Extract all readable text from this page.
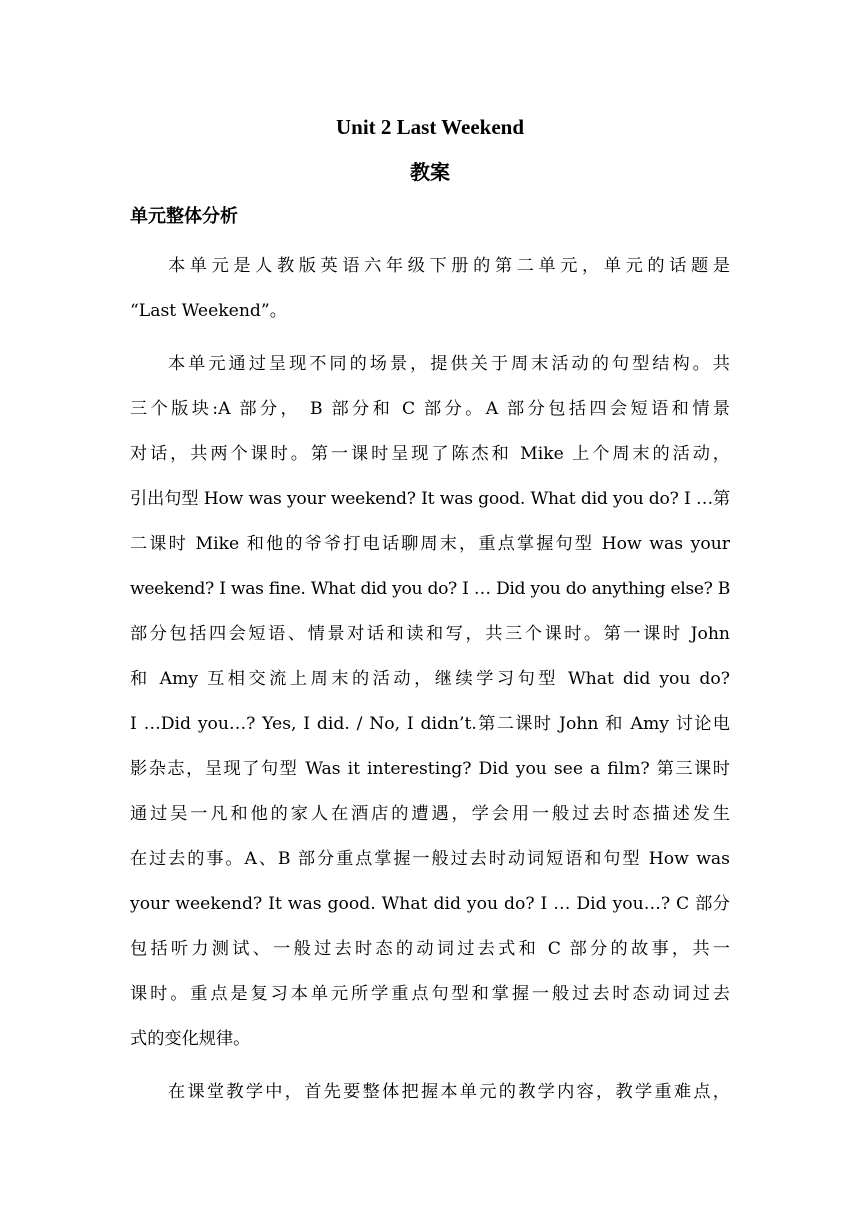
Unit 2 Last Weekend
教案
单元整体分析
本单元是人教版英语六年级下册的第二单元，单元的话题是
“Last Weekend”。
本单元通过呈现不同的场景，提供关于周末活动的句型结构。共
三个版块:A 部分， B 部分和 C 部分。A 部分包括四会短语和情景
对话，共两个课时。第一课时呈现了陈杰和 Mike 上个周末的活动，
引出句型 How was your weekend? It was good. What did you do? I …第
二课时 Mike 和他的爷爷打电话聊周末，重点掌握句型 How was your
weekend? I was fine. What did you do? I … Did you do anything else? B
部分包括四会短语、情景对话和读和写，共三个课时。第一课时 John
和 Amy 互相交流上周末的活动，继续学习句型 What did you do?
I …Did you…? Yes, I did. / No, I didn’t.第二课时 John 和 Amy 讨论电
影杂志，呈现了句型 Was it interesting? Did you see a film? 第三课时
通过吴一凡和他的家人在酒店的遭遇，学会用一般过去时态描述发生
在过去的事。A、B 部分重点掌握一般过去时动词短语和句型 How was
your weekend? It was good. What did you do? I … Did you…? C 部分
包括听力测试、一般过去时态的动词过去式和 C 部分的故事，共一
课时。重点是复习本单元所学重点句型和掌握一般过去时态动词过去
式的变化规律。
在课堂教学中，首先要整体把握本单元的教学内容，教学重难点，
